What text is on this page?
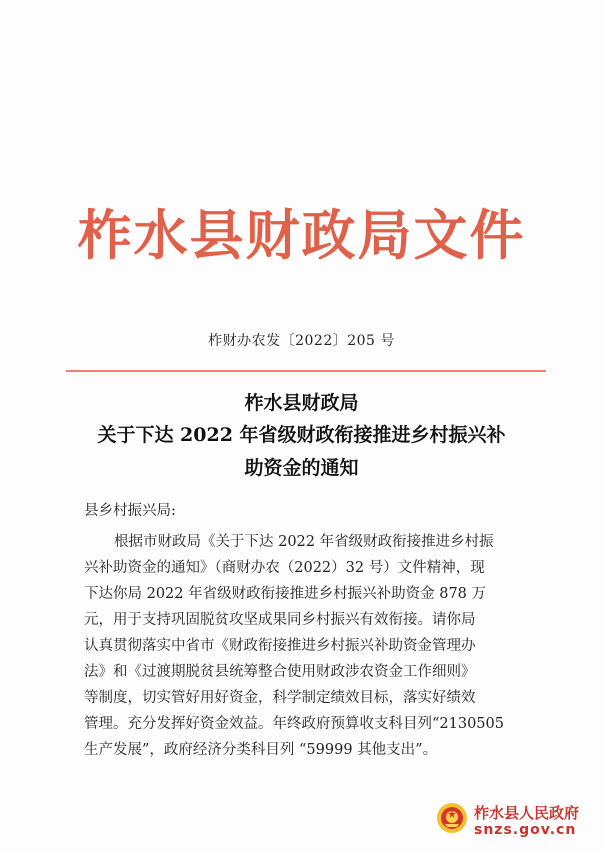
柞水县财政局文件
柞财办农发〔2022〕205 号
柞水县财政局
关于下达 2022 年省级财政衔接推进乡村振兴补
助资金的通知
县乡村振兴局:
根据市财政局《关于下达 2022 年省级财政衔接推进乡村振
兴补助资金的通知》（商财办农（2022）32 号）文件精神，现
下达你局 2022 年省级财政衔接推进乡村振兴补助资金 878 万
元，用于支持巩固脱贫攻坚成果同乡村振兴有效衔接。请你局
认真贯彻落实中省市《财政衔接推进乡村振兴补助资金管理办
法》和《过渡期脱贫县统筹整合使用财政涉农资金工作细则》
等制度，切实管好用好资金，科学制定绩效目标，落实好绩效
管理。充分发挥好资金效益。年终政府预算收支科目列“2130505
生产发展”，政府经济分类科目列 “59999 其他支出”。
柞水县人民政府
snzs.gov.cn
